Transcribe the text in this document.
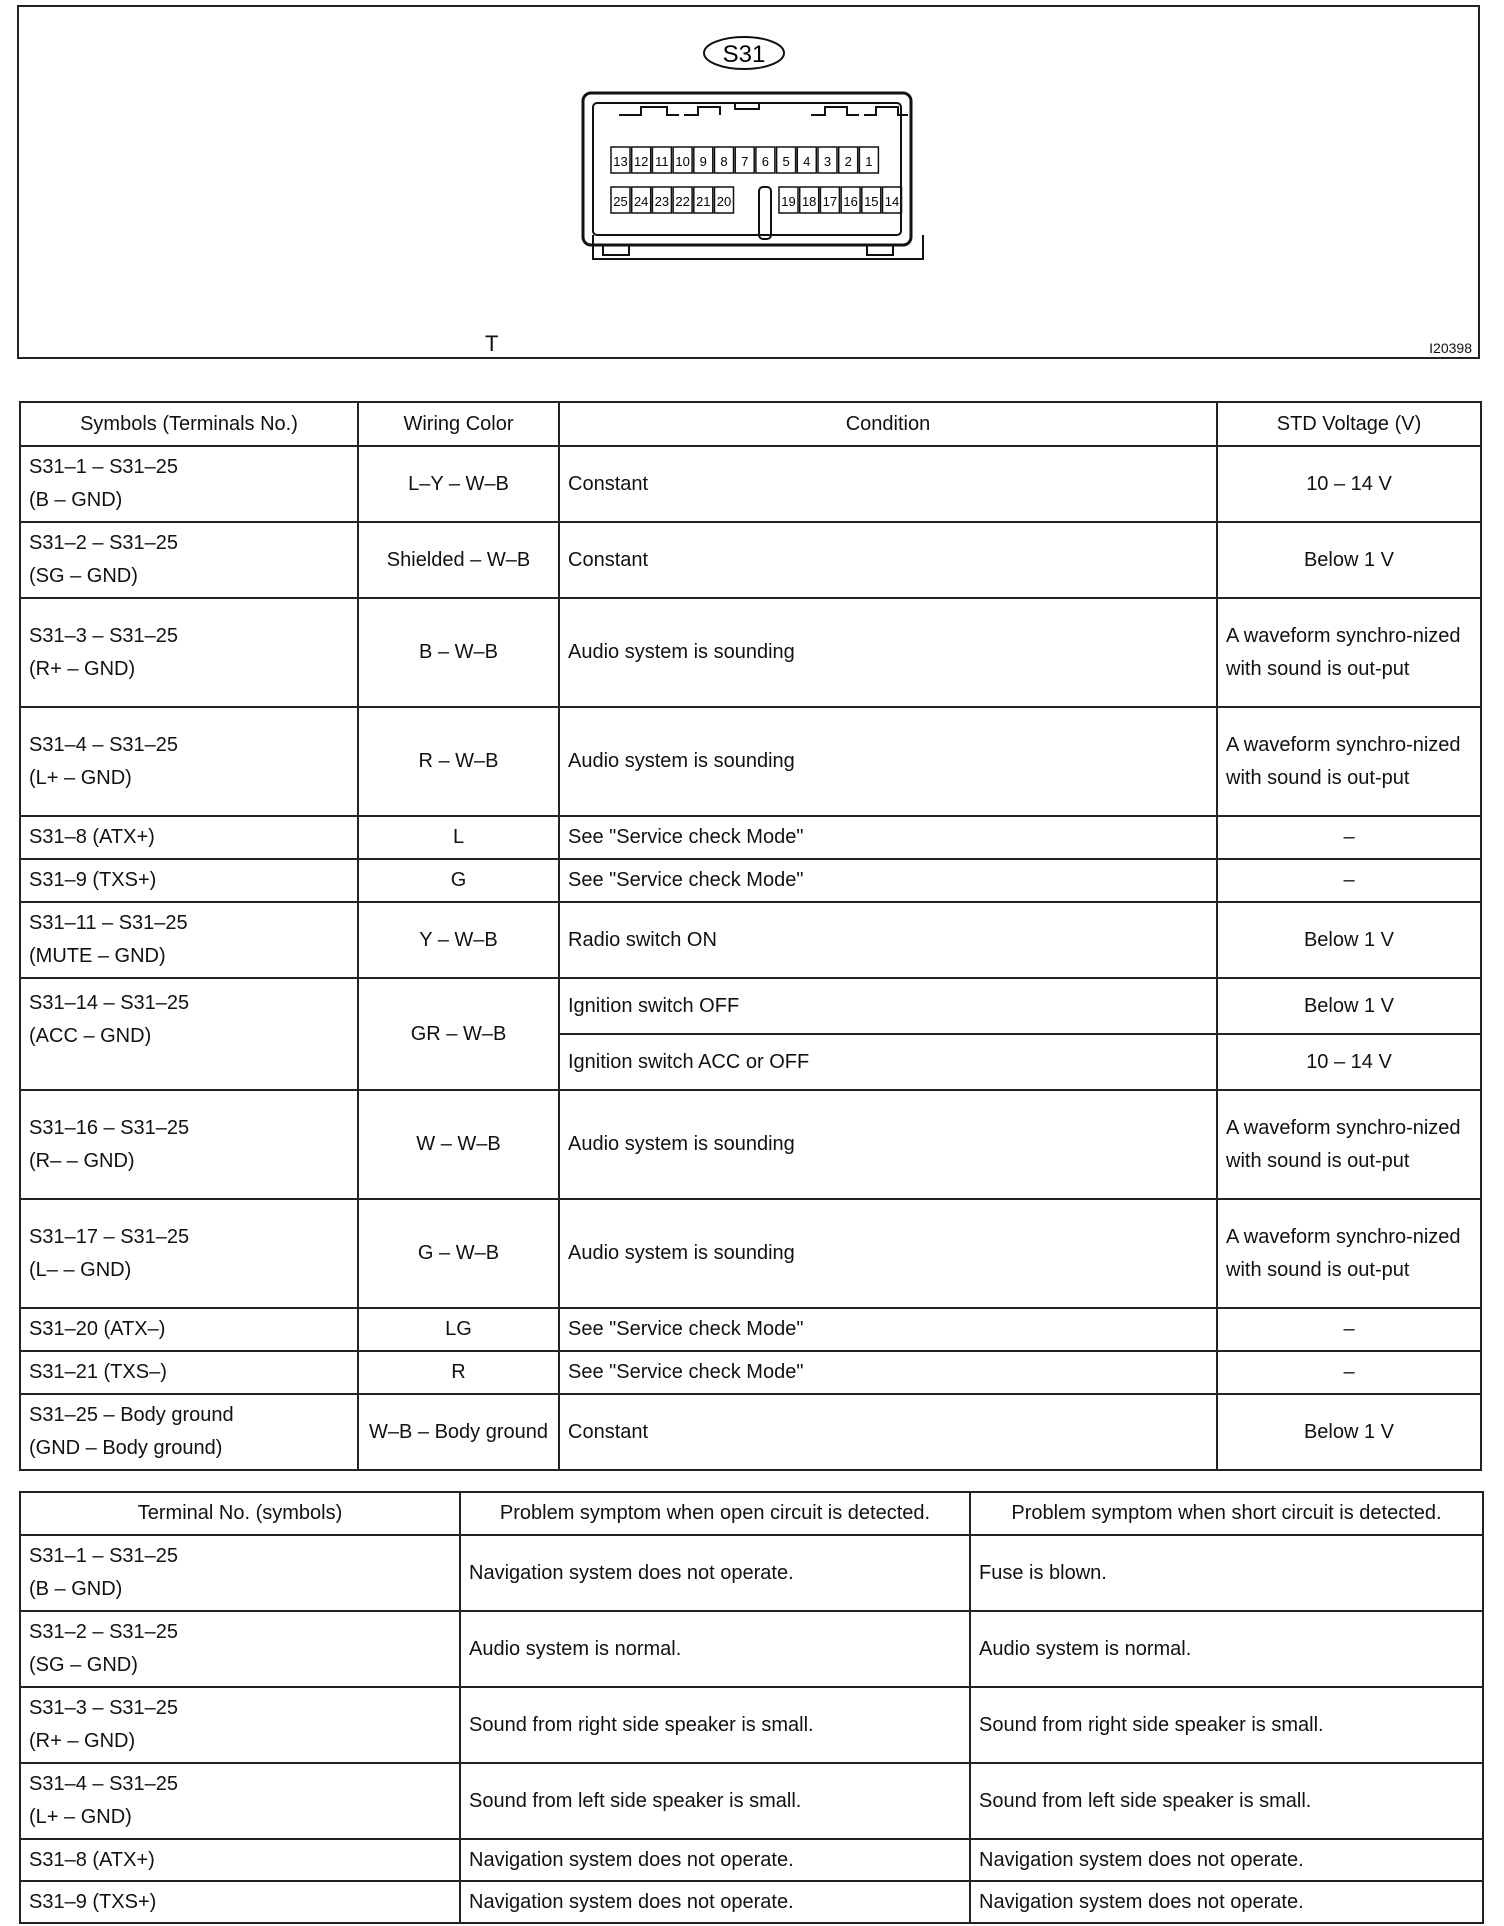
S31
13 12 11 10 9 8 7 6 5 4 3 2 1
25 24 23 22 21 20	19 18 17 16 15 14
T	I20398
Symbols (Terminals No.)	Wiring Color	Condition	STD Voltage (V)

S31–1 – S31–25
(B – GND)	L–Y – W–B	Constant	10 – 14 V

S31–2 – S31–25
(SG – GND)	Shielded – W–B	Constant	Below 1 V

S31–3 – S31–25
(R+ – GND)	B – W–B	Audio system is sounding	A waveform synchro-nized with sound is out-put

S31–4 – S31–25
(L+ – GND)	R – W–B	Audio system is sounding	A waveform synchro-nized with sound is out-put

S31–8 (ATX+)	L	See "Service check Mode"	–

S31–9 (TXS+)	G	See "Service check Mode"	–

S31–11 – S31–25
(MUTE – GND)	Y – W–B	Radio switch ON	Below 1 V

S31–14 – S31–25
(ACC – GND)	GR – W–B	Ignition switch OFF	Below 1 V
		Ignition switch ACC or OFF	10 – 14 V

S31–16 – S31–25
(R– – GND)	W – W–B	Audio system is sounding	A waveform synchro-nized with sound is out-put

S31–17 – S31–25
(L– – GND)	G – W–B	Audio system is sounding	A waveform synchro-nized with sound is out-put

S31–20 (ATX–)	LG	See "Service check Mode"	–

S31–21 (TXS–)	R	See "Service check Mode"	–

S31–25 – Body ground
(GND – Body ground)	W–B – Body ground	Constant	Below 1 V
Terminal No. (symbols)	Problem symptom when open circuit is detected.	Problem symptom when short circuit is detected.

S31–1 – S31–25
(B – GND)	Navigation system does not operate.	Fuse is blown.

S31–2 – S31–25
(SG – GND)	Audio system is normal.	Audio system is normal.

S31–3 – S31–25
(R+ – GND)	Sound from right side speaker is small.	Sound from right side speaker is small.

S31–4 – S31–25
(L+ – GND)	Sound from left side speaker is small.	Sound from left side speaker is small.

S31–8 (ATX+)	Navigation system does not operate.	Navigation system does not operate.

S31–9 (TXS+)	Navigation system does not operate.	Navigation system does not operate.
